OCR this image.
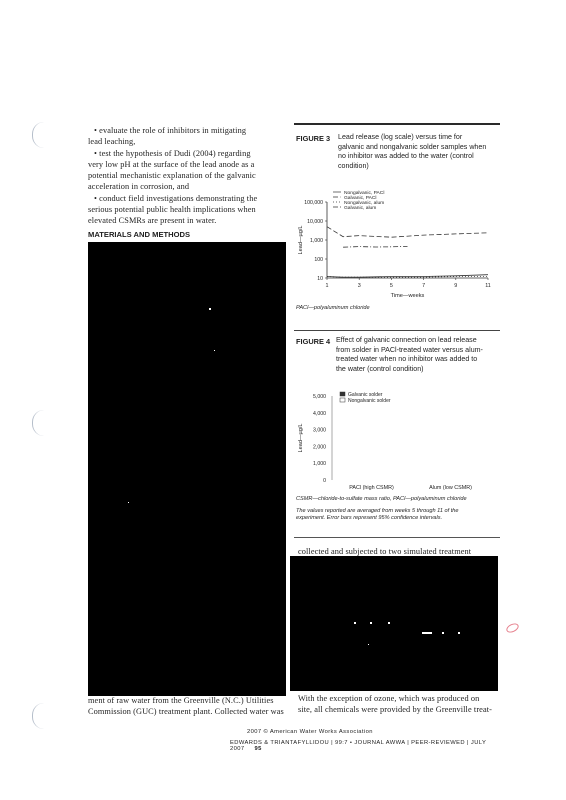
• evaluate the role of inhibitors in mitigating
lead leaching,
• test the hypothesis of Dudi (2004) regarding
very low pH at the surface of the lead anode as a
potential mechanistic explanation of the galvanic
acceleration in corrosion, and
• conduct field investigations demonstrating the
serious potential public health implications when
elevated CSMRs are present in water.
MATERIALS AND METHODS
ment of raw water from the Greenville (N.C.) Utilities
Commission (GUC) treatment plant. Collected water was
FIGURE 3 Lead release (log scale) versus time for
galvanic and nongalvanic solder samples when
no inhibitor was added to the water (control
condition)
10
100
1,000
10,000
100,000
1	3	5	7	9	11
Time—weeks
Lead—µg/L
Nongalvanic, PACl
Galvanic, PACl
Nongalvanic, alum
Galvanic, alum
PACl—polyaluminum chloride
FIGURE 4 Effect of galvanic connection on lead release
from solder in PACl-treated water versus alum-
treated water when no inhibitor was added to
the water (control condition)
0
1,000
2,000
3,000
4,000
5,000
Lead—µg/L
PACl (high CSMR)	Alum (low CSMR)
Galvanic solder
Nongalvanic solder
CSMR—chloride-to-sulfate mass ratio, PACl—polyaluminum chloride
The values reported are averaged from weeks 5 through 11 of the
experiment. Error bars represent 95% confidence intervals.
collected and subjected to two simulated treatment
With the exception of ozone, which was produced on
site, all chemicals were provided by the Greenville treat-
2007 © American Water Works Association
EDWARDS & TRIANTAFYLLIDOU | 99:7 • JOURNAL AWWA | PEER-REVIEWED | JULY 2007 95
